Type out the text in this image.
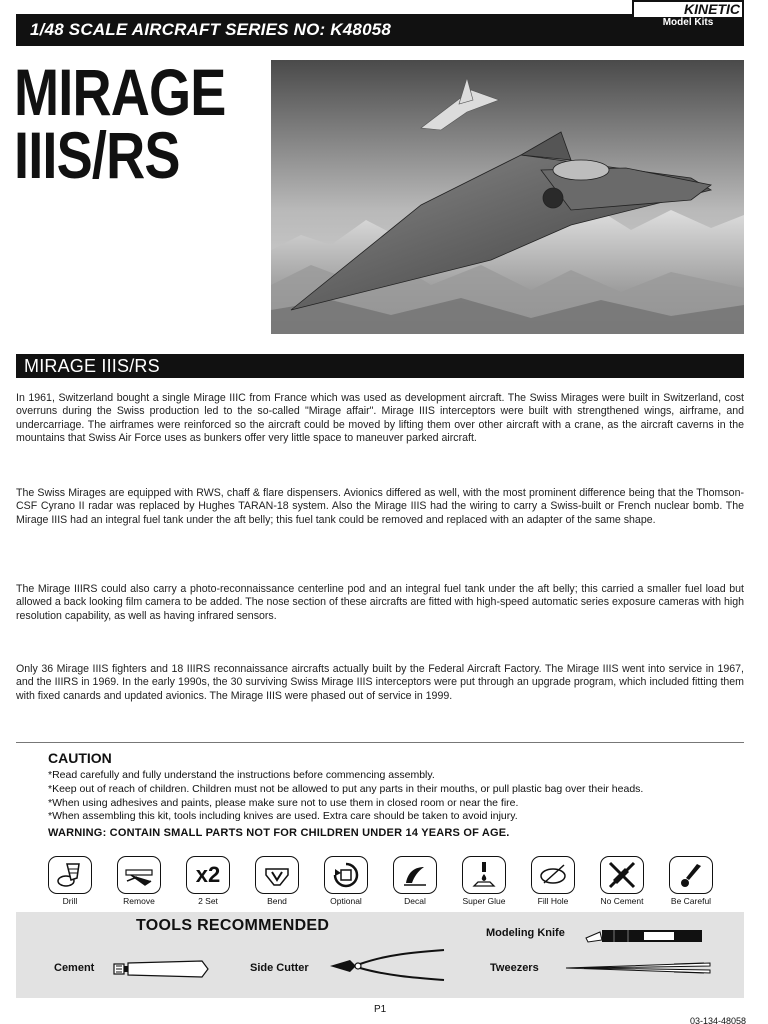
1/48 SCALE AIRCRAFT SERIES NO: K48058
KINETIC
Model Kits
MIRAGE
IIIS/RS
MIRAGE IIIS/RS
In 1961, Switzerland bought a single Mirage IIIC from France which was used as development aircraft. The Swiss Mirages were built in Switzerland, cost overruns during the Swiss production led to the so-called "Mirage affair". Mirage IIIS interceptors were built with strengthened wings, airframe, and undercarriage. The airframes were reinforced so the aircraft could be moved by lifting them over other aircraft with a crane, as the aircraft caverns in the mountains that Swiss Air Force uses as bunkers offer very little space to maneuver parked aircraft.
The Swiss Mirages are equipped with RWS, chaff & flare dispensers. Avionics differed as well, with the most prominent difference being that the Thomson-CSF Cyrano II radar was replaced by Hughes TARAN-18 system. Also the Mirage IIIS had the wiring to carry a Swiss-built or French nuclear bomb. The Mirage IIIS had an integral fuel tank under the aft belly; this fuel tank could be removed and replaced with an adapter of the same shape.
The Mirage IIIRS could also carry a photo-reconnaissance centerline pod and an integral fuel tank under the aft belly; this carried a smaller fuel load but allowed a back looking film camera to be added. The nose section of these aircrafts are fitted with high-speed automatic series exposure cameras with high resolution capability, as well as having infrared sensors.
Only 36 Mirage IIIS fighters and 18 IIIRS reconnaissance aircrafts actually built by the Federal Aircraft Factory. The Mirage IIIS went into service in 1967, and the IIIRS in 1969. In the early 1990s, the 30 surviving Swiss Mirage IIIS interceptors were put through an upgrade program, which included fitting them with fixed canards and updated avionics. The Mirage IIIS were phased out of service in 1999.
CAUTION
*Read carefully and fully understand the instructions before commencing assembly.
*Keep out of reach of children. Children must not be allowed to put any parts in their mouths, or pull plastic bag over their heads.
*When using adhesives and paints, please make sure not to use them in closed room or near the fire.
*When assembling this kit, tools including knives are used. Extra care should be taken to avoid injury.
WARNING: CONTAIN SMALL PARTS NOT FOR CHILDREN UNDER 14 YEARS OF AGE.
Drill	Remove
x2
2 Set	Bend	Optional	Decal	Super Glue	Fill Hole	No Cement	Be Careful
TOOLS RECOMMENDED
Cement	Side Cutter
Modeling Knife
Tweezers
P1
03-134-48058
